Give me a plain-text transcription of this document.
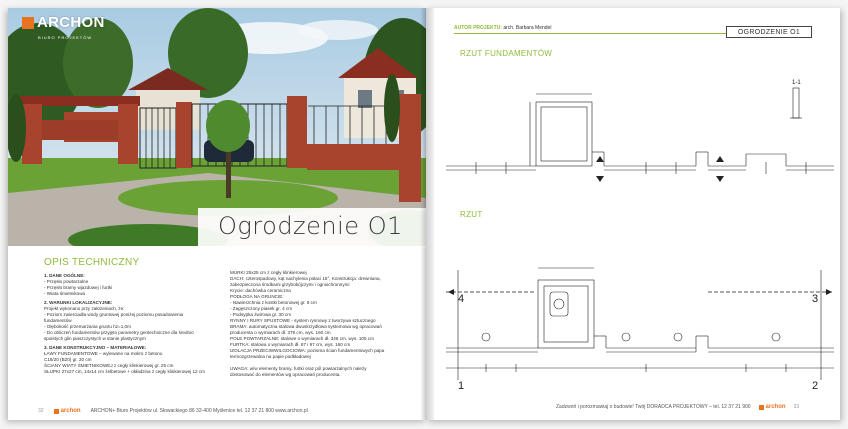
ARCHON
BIURO PROJEKTÓW
Ogrodzenie O1
OPIS TECHNICZNY
1. DANE OGÓLNE:
- Przęsło powtarzalne
- Przęsło bramy wjazdowej i furtki
- Wiata śmietnikowa
2. WARUNKI LOKALIZACYJNE:
Projekt wykonano przy założeniach, że:
- Poziom zwierciadła wody gruntowej poniżej poziomu posadowienia
fundamentów
- Głębokość przemarzania gruntu hz=1,0m
- Do obliczeń fundamentów przyjęto parametry geotechniczne dla średnio
spoistych glin piaszczystych w stanie plastycznym
3. DANE KONSTRUKCYJNO – MATERIAŁOWE:
ŁAWY FUNDAMENTOWE – wylewane na mokro z betonu
C16/20 (B20) gr. 20 cm
ŚCIANY WIATY ŚMIETNIKOWEJ z cegły klinkierowej gr. 25 cm
SŁUPKI 27x27 cm, 14x14 cm żelbetowe + okładzina z cegły klinkierowej 12 cm
MURKI 25x25 cm z cegły klinkierowej
DACH: czterospadowy, kąt nachylenia połaci 18°, Konstrukcja: drewniana,
zabezpieczona środkami grzybobójczymi i ogniochronnymi
Krycie: dachówka ceramiczna
PODŁOGA NA GRUNCIE:
- Nawierzchnia z kostki betonowej gr. 8 cm
- Zagęszczony piasek gr. 4 cm
- Podsypka żwirowa gr. 30 cm
RYNNY I RURY SPUSTOWE - system rynnowy z tworzywa sztucznego
BRAMA: automatyczna stalowa dwuskrzydłowa systemowa wg opracowań
producenta o wymiarach dł. 379 cm, wys. 160 cm
POLE POWTARZALNE: stalowe o wymiarach dł. 346 cm, wys. 105 cm
FURTKA: stalowa o wymiarach dł. 87 i 97 cm, wys. 160 cm
IZOLACJA PRZECIWWILGOCIOWA: pozioma ścian fundamentowych papa
termozgrzewalna na papie podkładowej

UWAGA: w/w elementy bramy, furtki oraz pól powtarzalnych należy
dostosować do elementów wg opracowań producenta.
32	archon ARCHON+ Biuro Projektów ul. Słowackiego 86 32-400 Myślenice tel. 12 37 21 800 www.archon.pl
AUTOR PROJEKTU: arch. Barbara Mendel
OGRODZENIE O1
RZUT FUNDAMENTÓW
1-1
RZUT
4	3
1	2
Zadzwoń i porozmawiaj o budowie! Twój DORADCA PROJEKTOWY – tel. 12 37 21 900	archon 33
